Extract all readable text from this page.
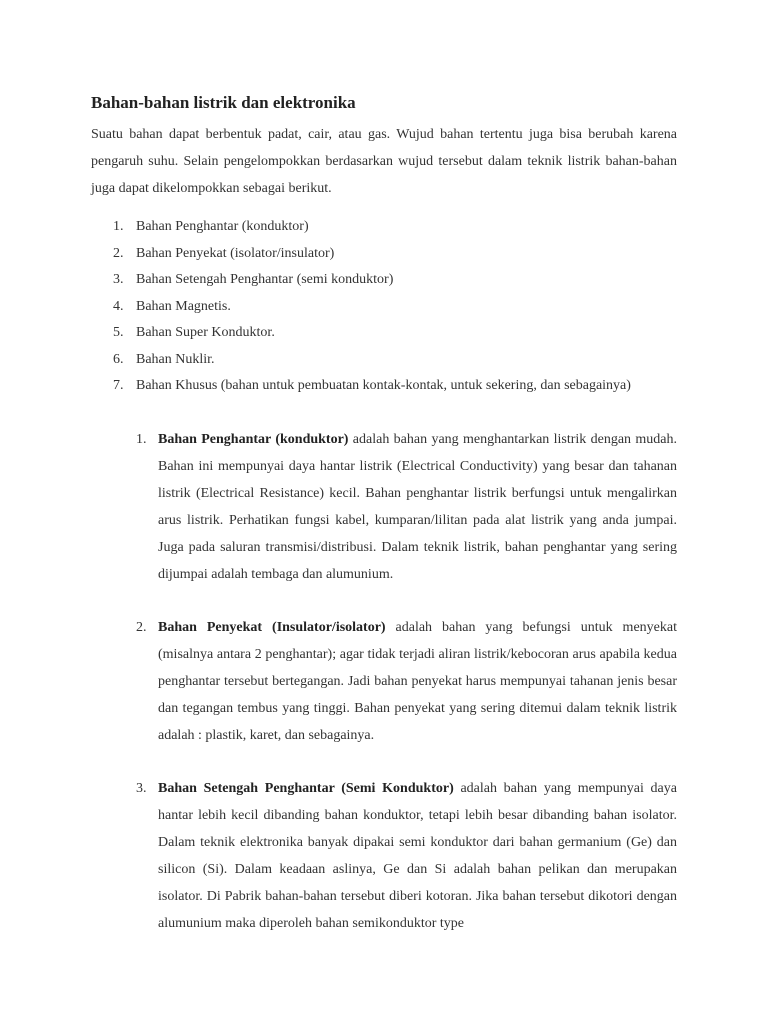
Bahan-bahan listrik dan elektronika

Suatu bahan dapat berbentuk padat, cair, atau gas. Wujud bahan tertentu juga bisa berubah karena pengaruh suhu. Selain pengelompokkan berdasarkan wujud tersebut dalam teknik listrik bahan-bahan juga dapat dikelompokkan sebagai berikut.

1. Bahan Penghantar (konduktor)
2. Bahan Penyekat (isolator/insulator)
3. Bahan Setengah Penghantar (semi konduktor)
4. Bahan Magnetis.
5. Bahan Super Konduktor.
6. Bahan Nuklir.
7. Bahan Khusus (bahan untuk pembuatan kontak-kontak, untuk sekering, dan sebagainya)
1. Bahan Penghantar (konduktor) adalah bahan yang menghantarkan listrik dengan mudah. Bahan ini mempunyai daya hantar listrik (Electrical Conductivity) yang besar dan tahanan listrik (Electrical Resistance) kecil. Bahan penghantar listrik berfungsi untuk mengalirkan arus listrik. Perhatikan fungsi kabel, kumparan/lilitan pada alat listrik yang anda jumpai. Juga pada saluran transmisi/distribusi. Dalam teknik listrik, bahan penghantar yang sering dijumpai adalah tembaga dan alumunium.
2. Bahan Penyekat (Insulator/isolator) adalah bahan yang befungsi untuk menyekat (misalnya antara 2 penghantar); agar tidak terjadi aliran listrik/kebocoran arus apabila kedua penghantar tersebut bertegangan. Jadi bahan penyekat harus mempunyai tahanan jenis besar dan tegangan tembus yang tinggi. Bahan penyekat yang sering ditemui dalam teknik listrik adalah : plastik, karet, dan sebagainya.
3. Bahan Setengah Penghantar (Semi Konduktor) adalah bahan yang mempunyai daya hantar lebih kecil dibanding bahan konduktor, tetapi lebih besar dibanding bahan isolator. Dalam teknik elektronika banyak dipakai semi konduktor dari bahan germanium (Ge) dan silicon (Si). Dalam keadaan aslinya, Ge dan Si adalah bahan pelikan dan merupakan isolator. Di Pabrik bahan-bahan tersebut diberi kotoran. Jika bahan tersebut dikotori dengan alumunium maka diperoleh bahan semikonduktor type
